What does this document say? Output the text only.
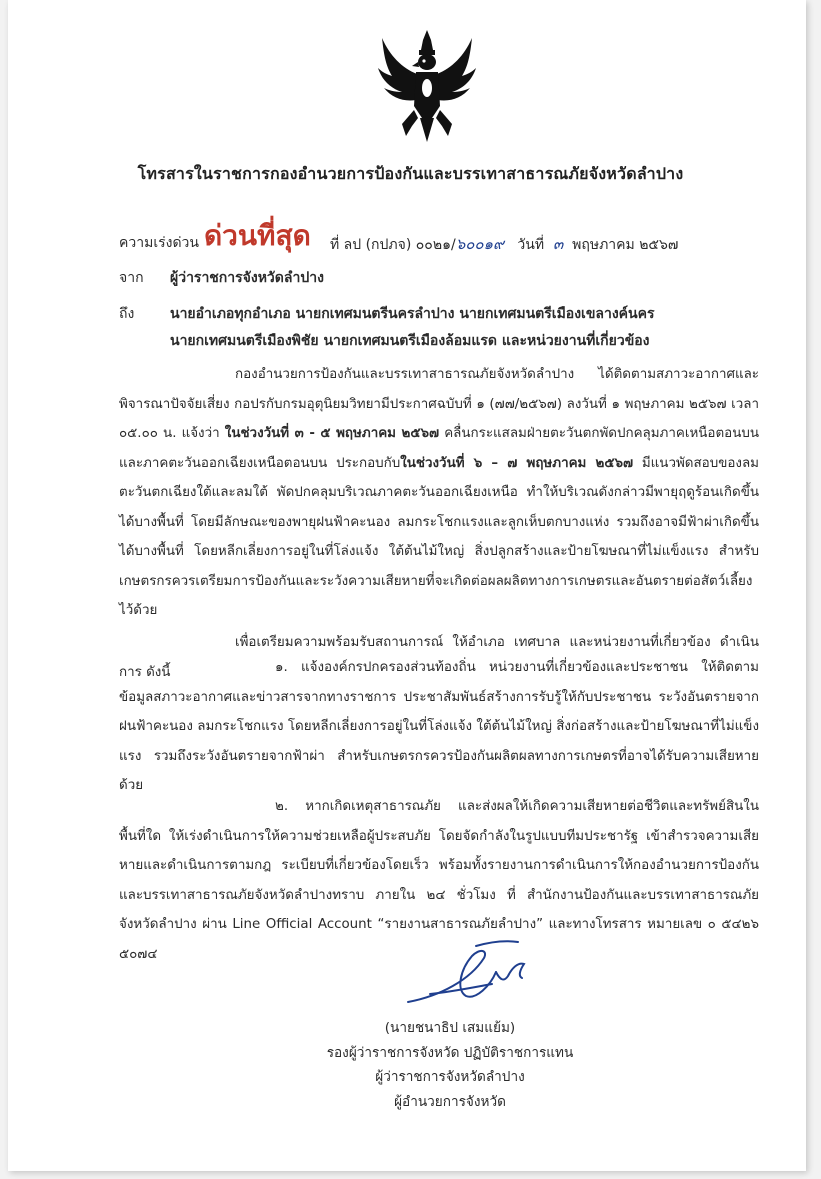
โทรสารในราชการกองอำนวยการป้องกันและบรรเทาสาธารณภัยจังหวัดลำปาง
ความเร่งด่วน ด่วนที่สุด ที่ ลป (กปภจ) ๐๐๒๑/๖๐๐๑๙ วันที่ ๓ พฤษภาคม ๒๕๖๗
จาก ผู้ว่าราชการจังหวัดลำปาง
ถึง	นายอำเภอทุกอำเภอ นายกเทศมนตรีนครลำปาง นายกเทศมนตรีเมืองเขลางค์นคร
นายกเทศมนตรีเมืองพิชัย นายกเทศมนตรีเมืองล้อมแรด และหน่วยงานที่เกี่ยวข้อง

กองอำนวยการป้องกันและบรรเทาสาธารณภัยจังหวัดลำปาง ได้ติดตามสภาวะอากาศและพิจารณาปัจจัยเสี่ยง กอปรกับกรมอุตุนิยมวิทยามีประกาศฉบับที่ ๑ (๗๗/๒๕๖๗) ลงวันที่ ๑ พฤษภาคม ๒๕๖๗ เวลา ๐๕.๐๐ น. แจ้งว่า ในช่วงวันที่ ๓ - ๕ พฤษภาคม ๒๕๖๗ คลื่นกระแสลมฝ่ายตะวันตกพัดปกคลุมภาคเหนือตอนบนและภาคตะวันออกเฉียงเหนือตอนบน ประกอบกับในช่วงวันที่ ๖ – ๗ พฤษภาคม ๒๕๖๗ มีแนวพัดสอบของลมตะวันตกเฉียงใต้และลมใต้ พัดปกคลุมบริเวณภาคตะวันออกเฉียงเหนือ ทำให้บริเวณดังกล่าวมีพายุฤดูร้อนเกิดขึ้นได้บางพื้นที่ โดยมีลักษณะของพายุฝนฟ้าคะนอง ลมกระโชกแรงและลูกเห็บตกบางแห่ง รวมถึงอาจมีฟ้าผ่าเกิดขึ้นได้บางพื้นที่ โดยหลีกเลี่ยงการอยู่ในที่โล่งแจ้ง ใต้ต้นไม้ใหญ่ สิ่งปลูกสร้างและป้ายโฆษณาที่ไม่แข็งแรง สำหรับเกษตรกรควรเตรียมการป้องกันและระวังความเสียหายที่จะเกิดต่อผลผลิตทางการเกษตรและอันตรายต่อสัตว์เลี้ยงไว้ด้วย

เพื่อเตรียมความพร้อมรับสถานการณ์ ให้อำเภอ เทศบาล และหน่วยงานที่เกี่ยวข้อง ดำเนินการ ดังนี้	๑. แจ้งองค์กรปกครองส่วนท้องถิ่น หน่วยงานที่เกี่ยวข้องและประชาชน ให้ติดตามข้อมูลสภาวะอากาศและข่าวสารจากทางราชการ ประชาสัมพันธ์สร้างการรับรู้ให้กับประชาชน ระวังอันตรายจากฝนฟ้าคะนอง ลมกระโชกแรง โดยหลีกเลี่ยงการอยู่ในที่โล่งแจ้ง ใต้ต้นไม้ใหญ่ สิ่งก่อสร้างและป้ายโฆษณาที่ไม่แข็งแรง รวมถึงระวังอันตรายจากฟ้าผ่า สำหรับเกษตรกรควรป้องกันผลิตผลทางการเกษตรที่อาจได้รับความเสียหายด้วย

๒. หากเกิดเหตุสาธารณภัย และส่งผลให้เกิดความเสียหายต่อชีวิตและทรัพย์สินในพื้นที่ใด ให้เร่งดำเนินการให้ความช่วยเหลือผู้ประสบภัย โดยจัดกำลังในรูปแบบทีมประชารัฐ เข้าสำรวจความเสียหายและดำเนินการตามกฎ ระเบียบที่เกี่ยวข้องโดยเร็ว พร้อมทั้งรายงานการดำเนินการให้กองอำนวยการป้องกันและบรรเทาสาธารณภัยจังหวัดลำปางทราบ ภายใน ๒๔ ชั่วโมง ที่ สำนักงานป้องกันและบรรเทาสาธารณภัยจังหวัดลำปาง ผ่าน Line Official Account “รายงานสาธารณภัยลำปาง” และทางโทรสาร หมายเลข ๐ ๕๔๒๖ ๕๐๗๔

(นายชนาธิป เสมแย้ม)
รองผู้ว่าราชการจังหวัด ปฏิบัติราชการแทน
ผู้ว่าราชการจังหวัดลำปาง
ผู้อำนวยการจังหวัด
